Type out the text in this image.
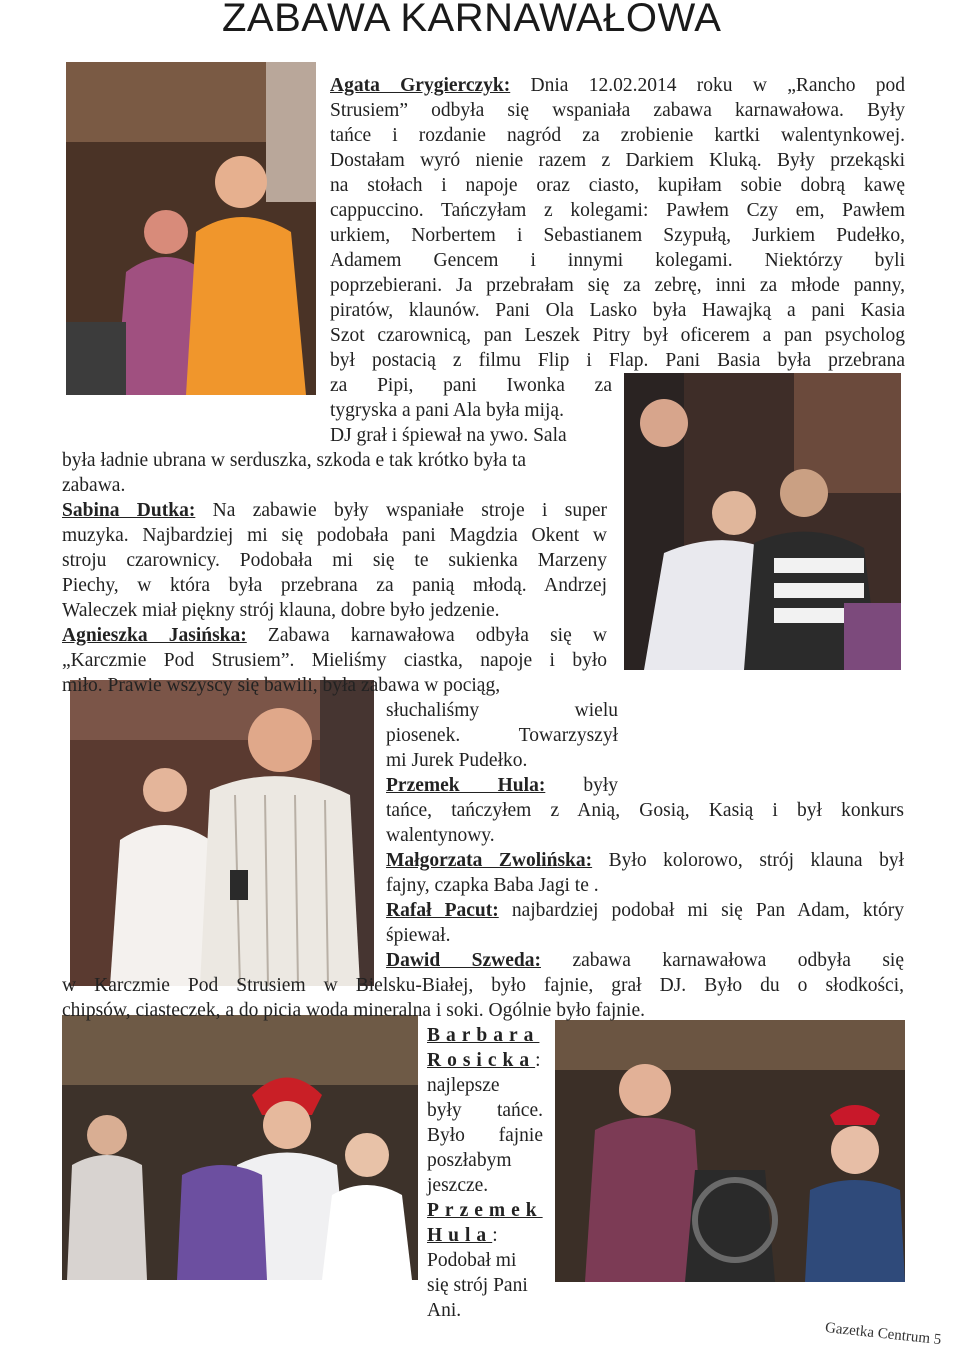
ZABAWA KARNAWAŁOWA
Agata Grygierczyk: Dnia 12.02.2014 roku w „Rancho pod
Strusiem” odbyła się wspaniała zabawa karnawałowa. Były
tańce i rozdanie nagród za zrobienie kartki walentynkowej.
Dostałam wyró nienie razem z Darkiem Kluką. Były przekąski
na stołach i napoje oraz ciasto, kupiłam sobie dobrą kawę
cappuccino. Tańczyłam z kolegami: Pawłem Czy em, Pawłem
urkiem, Norbertem i Sebastianem Szypułą, Jurkiem Pudełko,
Adamem Gencem i innymi kolegami. Niektórzy byli
poprzebierani. Ja przebrałam się za zebrę, inni za młode panny,
piratów, klaunów. Pani Ola Lasko była Hawajką a pani Kasia
Szot czarownicą, pan Leszek Pitry był oficerem a pan psycholog
był postacią z filmu Flip i Flap. Pani Basia była przebrana
za Pipi, pani Iwonka za
tygryska a pani Ala była miją.
DJ grał i śpiewał na ywo. Sala
była ładnie ubrana w serduszka, szkoda e tak krótko była ta
zabawa.
Sabina Dutka: Na zabawie były wspaniałe stroje i super
muzyka. Najbardziej mi się podobała pani Magdzia Okent w
stroju czarownicy. Podobała mi się te sukienka Marzeny
Piechy, w która była przebrana za panią młodą. Andrzej
Waleczek miał piękny strój klauna, dobre było jedzenie.
Agnieszka Jasińska: Zabawa karnawałowa odbyła się w
„Karczmie Pod Strusiem”. Mieliśmy ciastka, napoje i było
miło. Prawie wszyscy się bawili, była zabawa w pociąg,
słuchaliśmy wielu
piosenek. Towarzyszył
mi Jurek Pudełko.
Przemek Hula: były
tańce, tańczyłem z Anią, Gosią, Kasią i był konkurs
walentynowy.
Małgorzata Zwolińska: Było kolorowo, strój klauna był
fajny, czapka Baba Jagi te .
Rafał Pacut: najbardziej podobał mi się Pan Adam, który
śpiewał.
Dawid Szweda: zabawa karnawałowa odbyła się
w Karczmie Pod Strusiem w Bielsku-Białej, było fajnie, grał DJ. Było du o słodkości,
chipsów, ciasteczek, a do picia woda mineralna i soki. Ogólnie było fajnie.
Barbara
Rosicka:
najlepsze
były tańce.
Było fajnie
poszłabym
jeszcze.
Przemek
Hula:
Podobał mi
się strój Pani
Ani.
Gazetka Centrum 5
